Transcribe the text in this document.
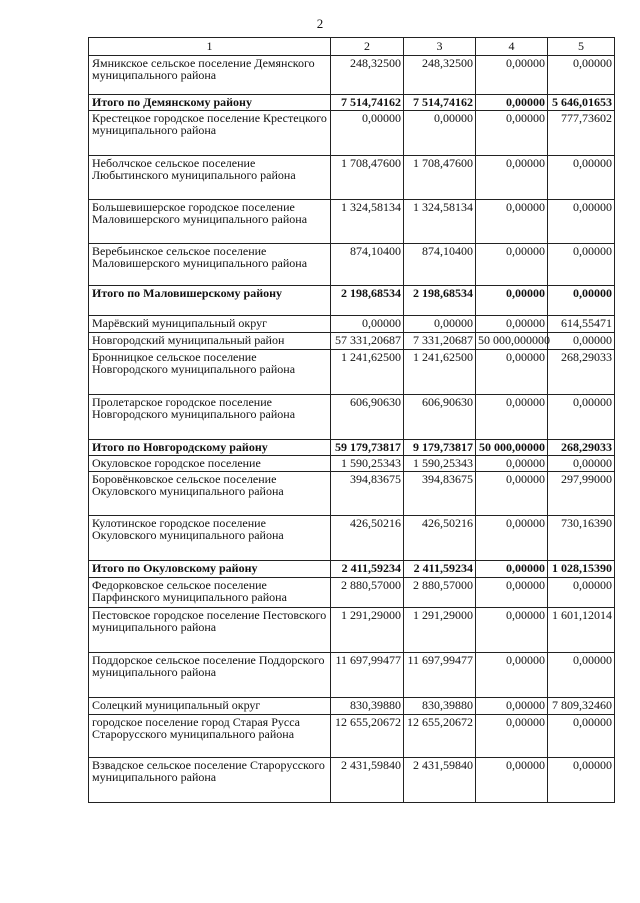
2
1	2	3	4	5
Ямникское сельское поселение Демянского муниципального района	248,32500	248,32500	0,00000	0,00000
Итого по Демянскому району	7 514,74162	7 514,74162	0,00000	5 646,01653
Крестецкое городское поселение Крестецкого муниципального района	0,00000	0,00000	0,00000	777,73602
Неболчское сельское поселение Любытинского муниципального района	1 708,47600	1 708,47600	0,00000	0,00000
Большевишерское городское поселение Маловишерского муниципального района	1 324,58134	1 324,58134	0,00000	0,00000
Веребьинское сельское поселение Маловишерского муниципального района	874,10400	874,10400	0,00000	0,00000
Итого по Маловишерскому району	2 198,68534	2 198,68534	0,00000	0,00000
Марёвский муниципальный округ	0,00000	0,00000	0,00000	614,55471
Новгородский муниципальный район	57 331,20687	7 331,20687	50 000,000000	0,00000
Бронницкое сельское поселение Новгородского муниципального района	1 241,62500	1 241,62500	0,00000	268,29033
Пролетарское городское поселение Новгородского муниципального района	606,90630	606,90630	0,00000	0,00000
Итого по Новгородскому району	59 179,73817	9 179,73817	50 000,00000	268,29033
Окуловское городское поселение	1 590,25343	1 590,25343	0,00000	0,00000
Боровёнковское сельское поселение Окуловского муниципального района	394,83675	394,83675	0,00000	297,99000
Кулотинское городское поселение Окуловского муниципального района	426,50216	426,50216	0,00000	730,16390
Итого по Окуловскому району	2 411,59234	2 411,59234	0,00000	1 028,15390
Федорковское сельское поселение Парфинского муниципального района	2 880,57000	2 880,57000	0,00000	0,00000
Пестовское городское поселение Пестовского муниципального района	1 291,29000	1 291,29000	0,00000	1 601,12014
Поддорское сельское поселение Поддорского муниципального района	11 697,99477	11 697,99477	0,00000	0,00000
Солецкий муниципальный округ	830,39880	830,39880	0,00000	7 809,32460
городское поселение город Старая Русса Старорусского муниципального района	12 655,20672	12 655,20672	0,00000	0,00000
Взвадское сельское поселение Старорусского муниципального района	2 431,59840	2 431,59840	0,00000	0,00000
